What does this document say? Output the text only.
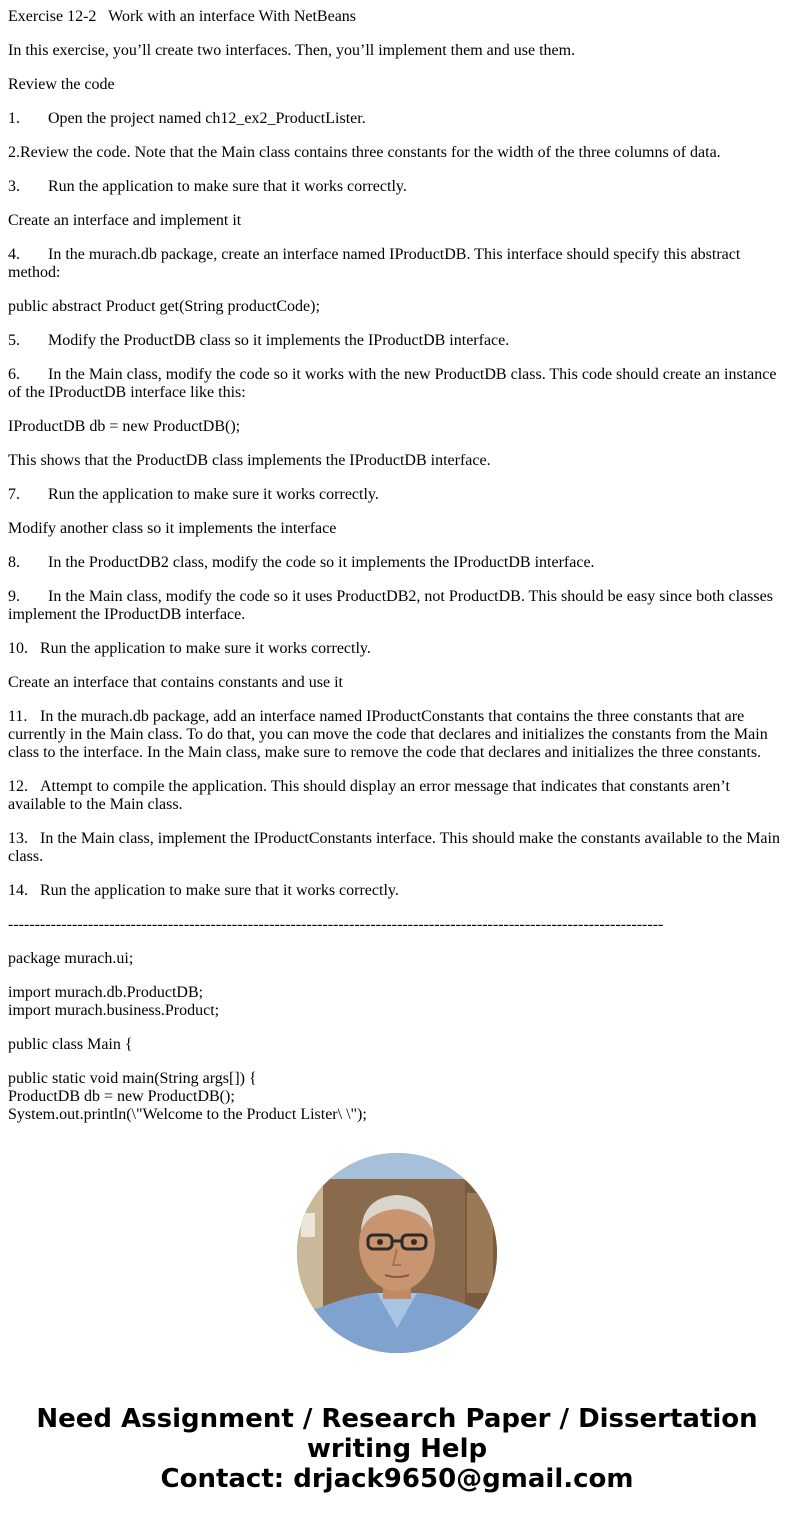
Exercise 12-2   Work with an interface With NetBeans

In this exercise, you’ll create two interfaces. Then, you’ll implement them and use them.

Review the code

1. Open the project named ch12_ex2_ProductLister.

2.Review the code. Note that the Main class contains three constants for the width of the three columns of data.

3. Run the application to make sure that it works correctly.

Create an interface and implement it

4. In the murach.db package, create an interface named IProductDB. This interface should specify this abstract method:

public abstract Product get(String productCode);

5. Modify the ProductDB class so it implements the IProductDB interface.

6. In the Main class, modify the code so it works with the new ProductDB class. This code should create an instance of the IProductDB interface like this:

IProductDB db = new ProductDB();

This shows that the ProductDB class implements the IProductDB interface.

7. Run the application to make sure it works correctly.

Modify another class so it implements the interface

8. In the ProductDB2 class, modify the code so it implements the IProductDB interface.

9. In the Main class, modify the code so it uses ProductDB2, not ProductDB. This should be easy since both classes implement the IProductDB interface.

10. Run the application to make sure it works correctly.

Create an interface that contains constants and use it

11. In the murach.db package, add an interface named IProductConstants that contains the three constants that are currently in the Main class. To do that, you can move the code that declares and initializes the constants from the Main class to the interface. In the Main class, make sure to remove the code that declares and initializes the three constants.

12. Attempt to compile the application. This should display an error message that indicates that constants aren’t available to the Main class.

13. In the Main class, implement the IProductConstants interface. This should make the constants available to the Main class.

14. Run the application to make sure that it works correctly.

---------------------------------------------------------------------------------------------------------------------------

package murach.ui;

import murach.db.ProductDB;
import murach.business.Product;

public class Main {

public static void main(String args[]) {
ProductDB db = new ProductDB();
System.out.println(\"Welcome to the Product Lister\ \");

Need Assignment / Research Paper / Dissertation
writing Help
Contact: drjack9650@gmail.com
